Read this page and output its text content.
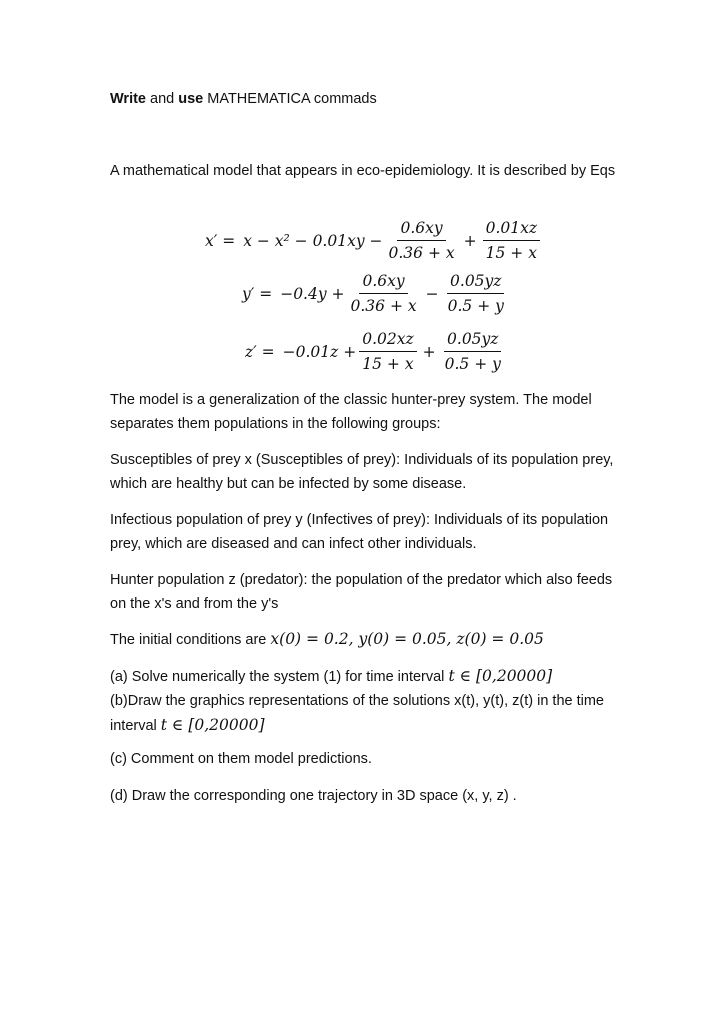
Write and use MATHEMATICA commads
A mathematical model that appears in eco-epidemiology. It is described by Eqs
$x' = x - x^2 - 0.01xy - \frac{0.6xy}{0.36 + x} + \frac{0.01xz}{15 + x}$
$y' = -0.4y + \frac{0.6xy}{0.36 + x} - \frac{0.05yz}{0.5 + y}$
$z' = -0.01z + \frac{0.02xz}{15 + x} + \frac{0.05yz}{0.5 + y}$
The model is a generalization of the classic hunter-prey system. The model separates them populations in the following groups:
Susceptibles of prey x (Susceptibles of prey): Individuals of its population prey, which are healthy but can be infected by some disease.
Infectious population of prey y (Infectives of prey): Individuals of its population prey, which are diseased and can infect other individuals.
Hunter population z (predator): the population of the predator which also feeds on the x's and from the y's
The initial conditions are x(0) = 0.2, y(0) = 0.05, z(0) = 0.05
(a) Solve numerically the system (1) for time interval t ∈ [0,20000]
(b)Draw the graphics representations of the solutions x(t), y(t), z(t) in the time interval t ∈ [0,20000]
(c) Comment on them model predictions.
(d) Draw the corresponding one trajectory in 3D space (x, y, z) .
